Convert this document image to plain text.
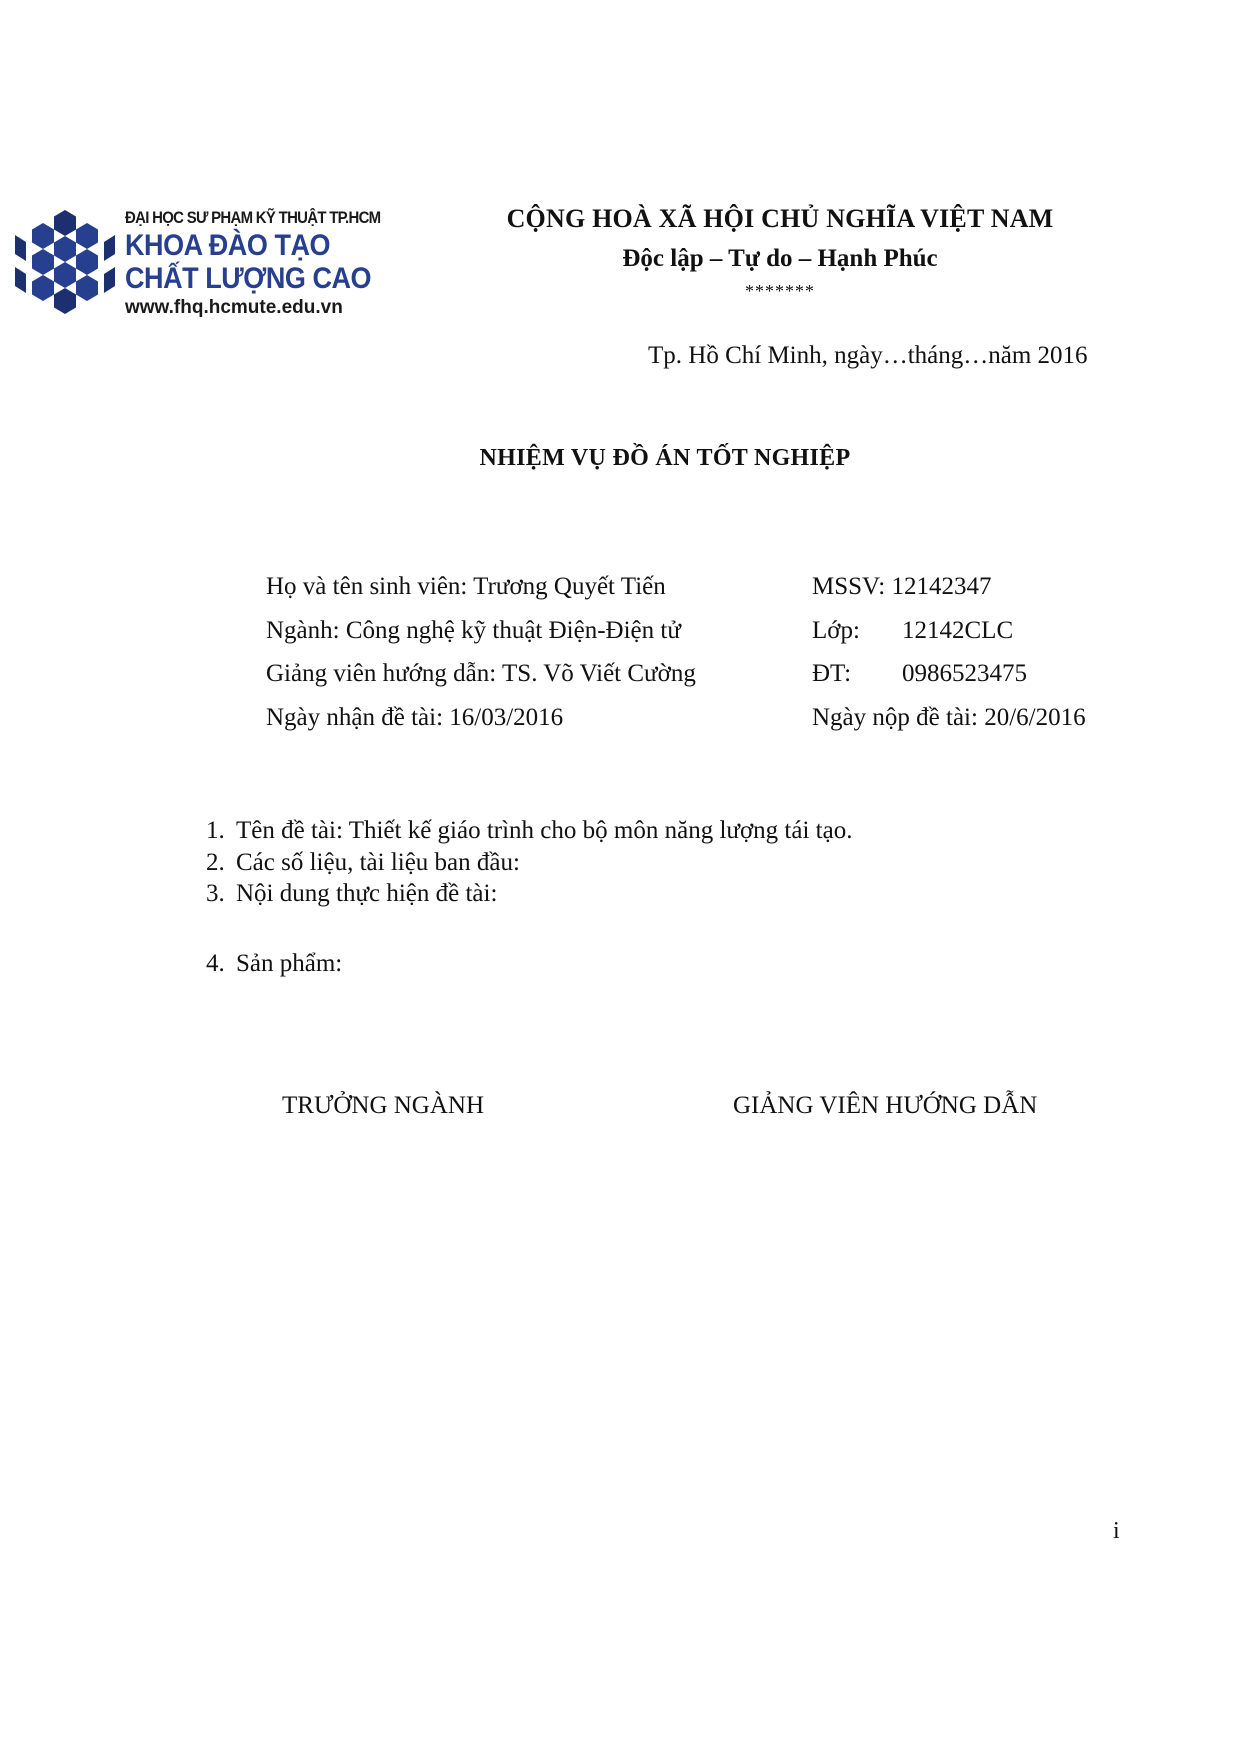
ĐẠI HỌC SƯ PHẠM KỸ THUẬT TP.HCM
KHOA ĐÀO TẠO
CHẤT LƯỢNG CAO
www.fhq.hcmute.edu.vn
CỘNG HOÀ XÃ HỘI CHỦ NGHĨA VIỆT NAM
Độc lập – Tự do – Hạnh Phúc
*******
Tp. Hồ Chí Minh, ngày…tháng…năm 2016
NHIỆM VỤ ĐỒ ÁN TỐT NGHIỆP
Họ và tên sinh viên: Trương Quyết Tiến
Ngành: Công nghệ kỹ thuật Điện-Điện tử
Giảng viên hướng dẫn: TS. Võ Viết Cường
Ngày nhận đề tài: 16/03/2016
MSSV: 12142347
Lớp: 12142CLC
ĐT: 0986523475
Ngày nộp đề tài: 20/6/2016
1. Tên đề tài: Thiết kế giáo trình cho bộ môn năng lượng tái tạo.
2. Các số liệu, tài liệu ban đầu:
3. Nội dung thực hiện đề tài:
4. Sản phẩm:
TRƯỞNG NGÀNH	GIẢNG VIÊN HƯỚNG DẪN
i
